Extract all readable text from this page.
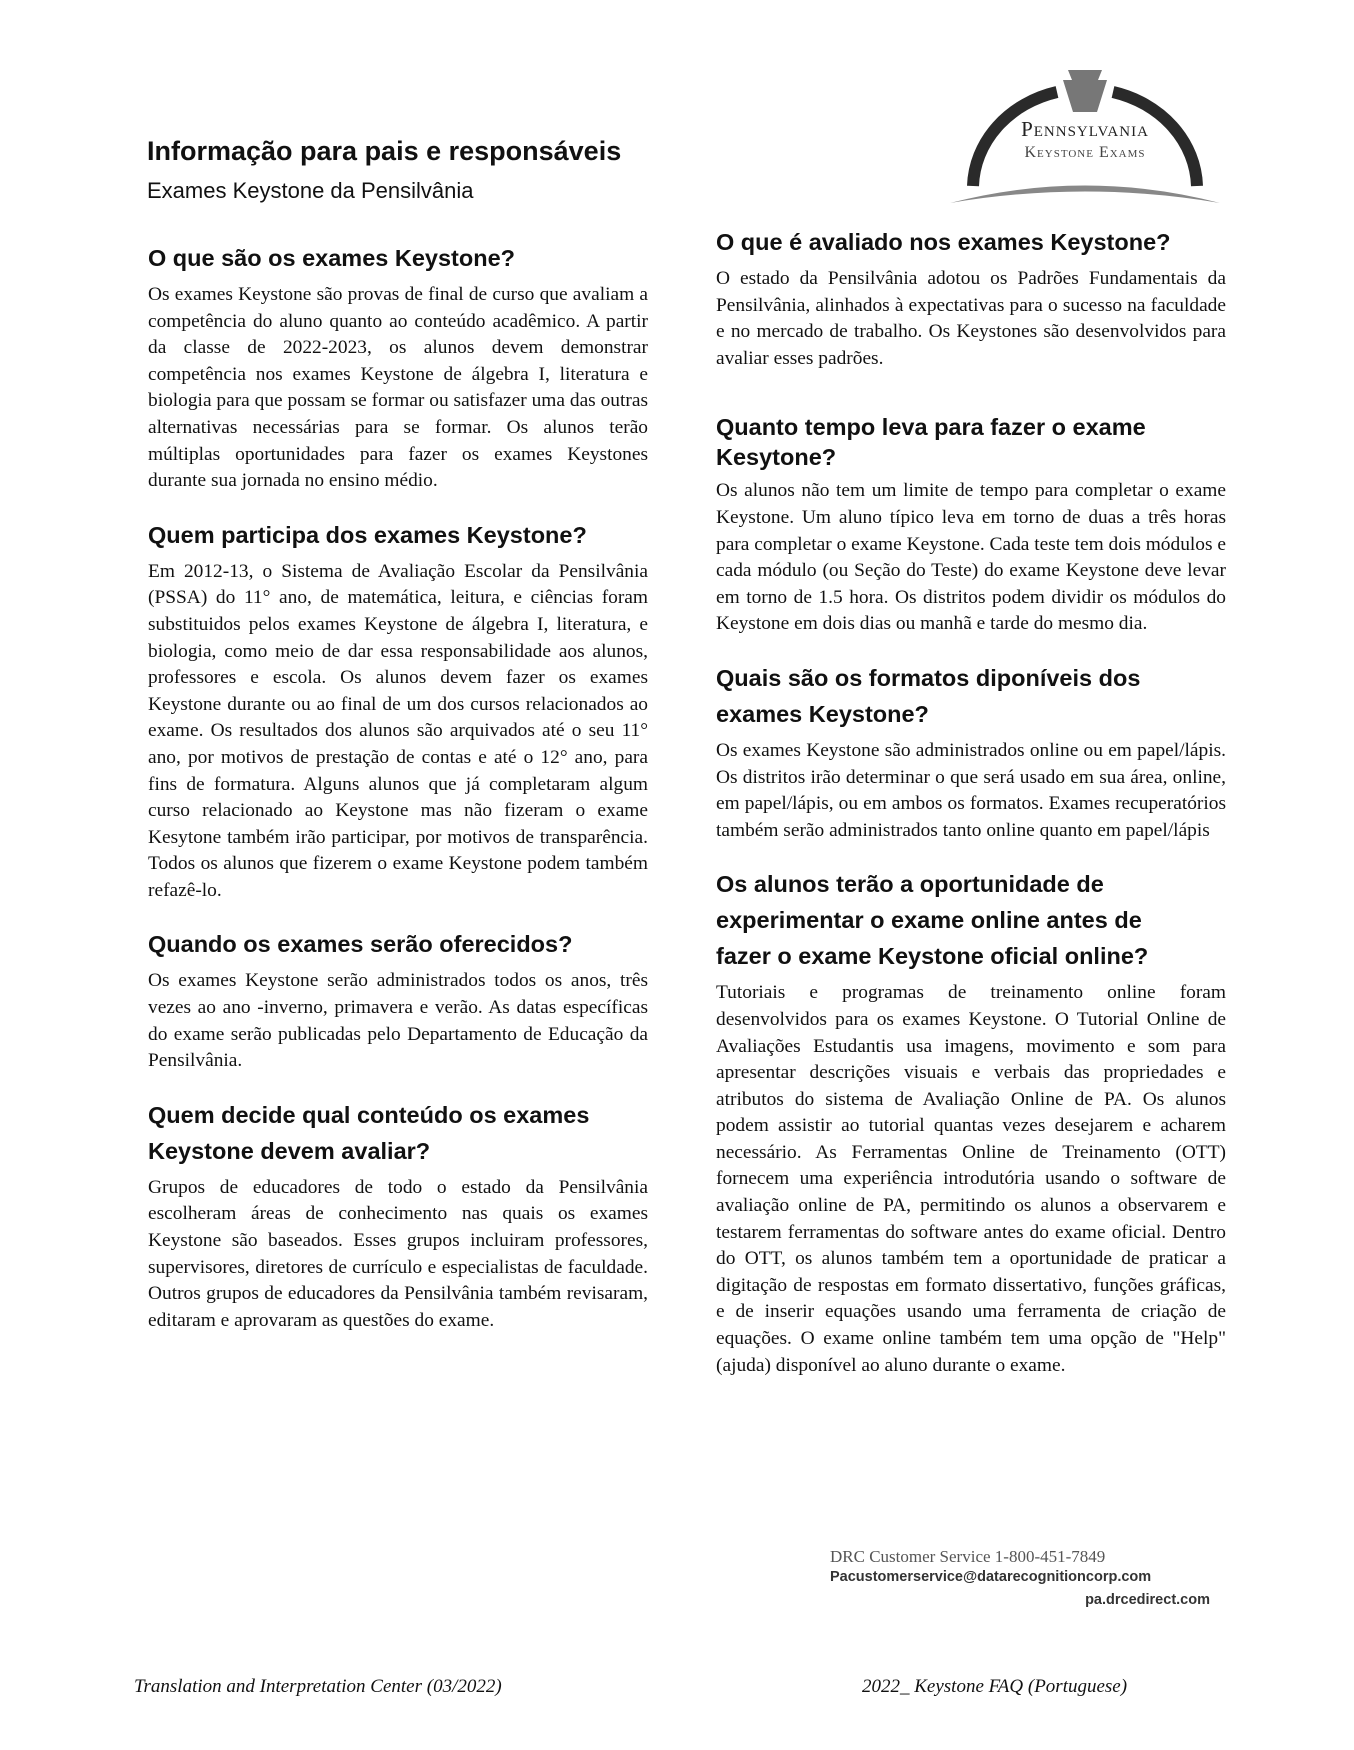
Informação para pais e responsáveis
Exames Keystone da Pensilvânia
Pennsylvania
Keystone Exams
O que são os exames Keystone?

Os exames Keystone são provas de final de curso que avaliam a competência do aluno quanto ao conteúdo acadêmico. A partir da classe de 2022-2023, os alunos devem demonstrar competência nos exames Keystone de álgebra I, literatura e biologia para que possam se formar ou satisfazer uma das outras alternativas necessárias para se formar. Os alunos terão múltiplas oportunidades para fazer os exames Keystones durante sua jornada no ensino médio.

Quem participa dos exames Keystone?

Em 2012-13, o Sistema de Avaliação Escolar da Pensilvânia (PSSA) do 11° ano, de matemática, leitura, e ciências foram substituidos pelos exames Keystone de álgebra I, literatura, e biologia, como meio de dar essa responsabilidade aos alunos, professores e escola. Os alunos devem fazer os exames Keystone durante ou ao final de um dos cursos relacionados ao exame. Os resultados dos alunos são arquivados até o seu 11° ano, por motivos de prestação de contas e até o 12° ano, para fins de formatura. Alguns alunos que já completaram algum curso relacionado ao Keystone mas não fizeram o exame Kesytone também irão participar, por motivos de transparência. Todos os alunos que fizerem o exame Keystone podem também refazê-lo.

Quando os exames serão oferecidos?

Os exames Keystone serão administrados todos os anos, três vezes ao ano -inverno, primavera e verão. As datas específicas do exame serão publicadas pelo Departamento de Educação da Pensilvânia.

Quem decide qual conteúdo os exames Keystone devem avaliar?

Grupos de educadores de todo o estado da Pensilvânia escolheram áreas de conhecimento nas quais os exames Keystone são baseados. Esses grupos incluiram professores, supervisores, diretores de currículo e especialistas de faculdade. Outros grupos de educadores da Pensilvânia também revisaram, editaram e aprovaram as questões do exame.

O que é avaliado nos exames Keystone?

O estado da Pensilvânia adotou os Padrões Fundamentais da Pensilvânia, alinhados à expectativas para o sucesso na faculdade e no mercado de trabalho. Os Keystones são desenvolvidos para avaliar esses padrões.

Quanto tempo leva para fazer o exame Kesytone?

Os alunos não tem um limite de tempo para completar o exame Keystone. Um aluno típico leva em torno de duas a três horas para completar o exame Keystone. Cada teste tem dois módulos e cada módulo (ou Seção do Teste) do exame Keystone deve levar em torno de 1.5 hora. Os distritos podem dividir os módulos do Keystone em dois dias ou manhã e tarde do mesmo dia.

Quais são os formatos diponíveis dos exames Keystone?

Os exames Keystone são administrados online ou em papel/lápis. Os distritos irão determinar o que será usado em sua área, online, em papel/lápis, ou em ambos os formatos. Exames recuperatórios também serão administrados tanto online quanto em papel/lápis

Os alunos terão a oportunidade de experimentar o exame online antes de fazer o exame Keystone oficial online?

Tutoriais e programas de treinamento online foram desenvolvidos para os exames Keystone. O Tutorial Online de Avaliações Estudantis usa imagens, movimento e som para apresentar descrições visuais e verbais das propriedades e atributos do sistema de Avaliação Online de PA. Os alunos podem assistir ao tutorial quantas vezes desejarem e acharem necessário. As Ferramentas Online de Treinamento (OTT) fornecem uma experiência introdutória usando o software de avaliação online de PA, permitindo os alunos a observarem e testarem ferramentas do software antes do exame oficial. Dentro do OTT, os alunos também tem a oportunidade de praticar a digitação de respostas em formato dissertativo, funções gráficas, e de inserir equações usando uma ferramenta de criação de equações. O exame online também tem uma opção de "Help" (ajuda) disponível ao aluno durante o exame.

DRC Customer Service 1-800-451-7849
Pacustomerservice@datarecognitioncorp.com
pa.drcedirect.com
Translation and Interpretation Center (03/2022)	2022_ Keystone FAQ (Portuguese)
